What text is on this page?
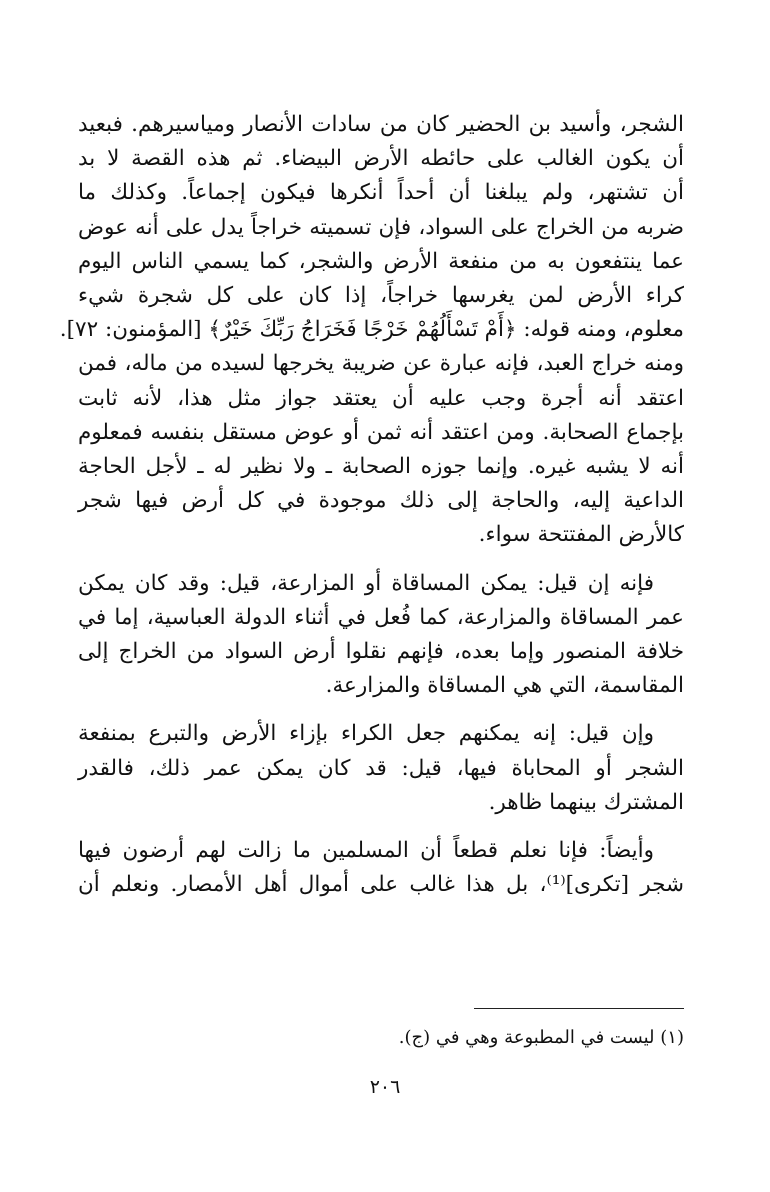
الشجر، وأسيد بن الحضير كان من سادات الأنصار ومياسيرهم. فبعيد
أن يكون الغالب على حائطه الأرض البيضاء. ثم هذه القصة لا بد
أن تشتهر، ولم يبلغنا أن أحداً أنكرها فيكون إجماعاً. وكذلك ما
ضربه من الخراج على السواد، فإن تسميته خراجاً يدل على أنه عوض
عما ينتفعون به من منفعة الأرض والشجر، كما يسمي الناس اليوم
كراء الأرض لمن يغرسها خراجاً، إذا كان على كل شجرة شيء
معلوم، ومنه قوله: ﴿أَمْ تَسْأَلُهُمْ خَرْجًا فَخَرَاجُ رَبِّكَ خَيْرٌ﴾ [المؤمنون: ٧٢].
ومنه خراج العبد، فإنه عبارة عن ضريبة يخرجها لسيده من ماله، فمن
اعتقد أنه أجرة وجب عليه أن يعتقد جواز مثل هذا، لأنه ثابت
بإجماع الصحابة. ومن اعتقد أنه ثمن أو عوض مستقل بنفسه فمعلوم
أنه لا يشبه غيره. وإنما جوزه الصحابة ـ ولا نظير له ـ لأجل الحاجة
الداعية إليه، والحاجة إلى ذلك موجودة في كل أرض فيها شجر
كالأرض المفتتحة سواء.
فإنه إن قيل: يمكن المساقاة أو المزارعة، قيل: وقد كان يمكن
عمر المساقاة والمزارعة، كما فُعل في أثناء الدولة العباسية، إما في
خلافة المنصور وإما بعده، فإنهم نقلوا أرض السواد من الخراج إلى
المقاسمة، التي هي المساقاة والمزارعة.
وإن قيل: إنه يمكنهم جعل الكراء بإزاء الأرض والتبرع بمنفعة
الشجر أو المحاباة فيها، قيل: قد كان يمكن عمر ذلك، فالقدر
المشترك بينهما ظاهر.
وأيضاً: فإنا نعلم قطعاً أن المسلمين ما زالت لهم أرضون فيها
شجر [تكرى]⁽¹⁾، بل هذا غالب على أموال أهل الأمصار. ونعلم أن
(١) ليست في المطبوعة وهي في (ج).
٢٠٦
